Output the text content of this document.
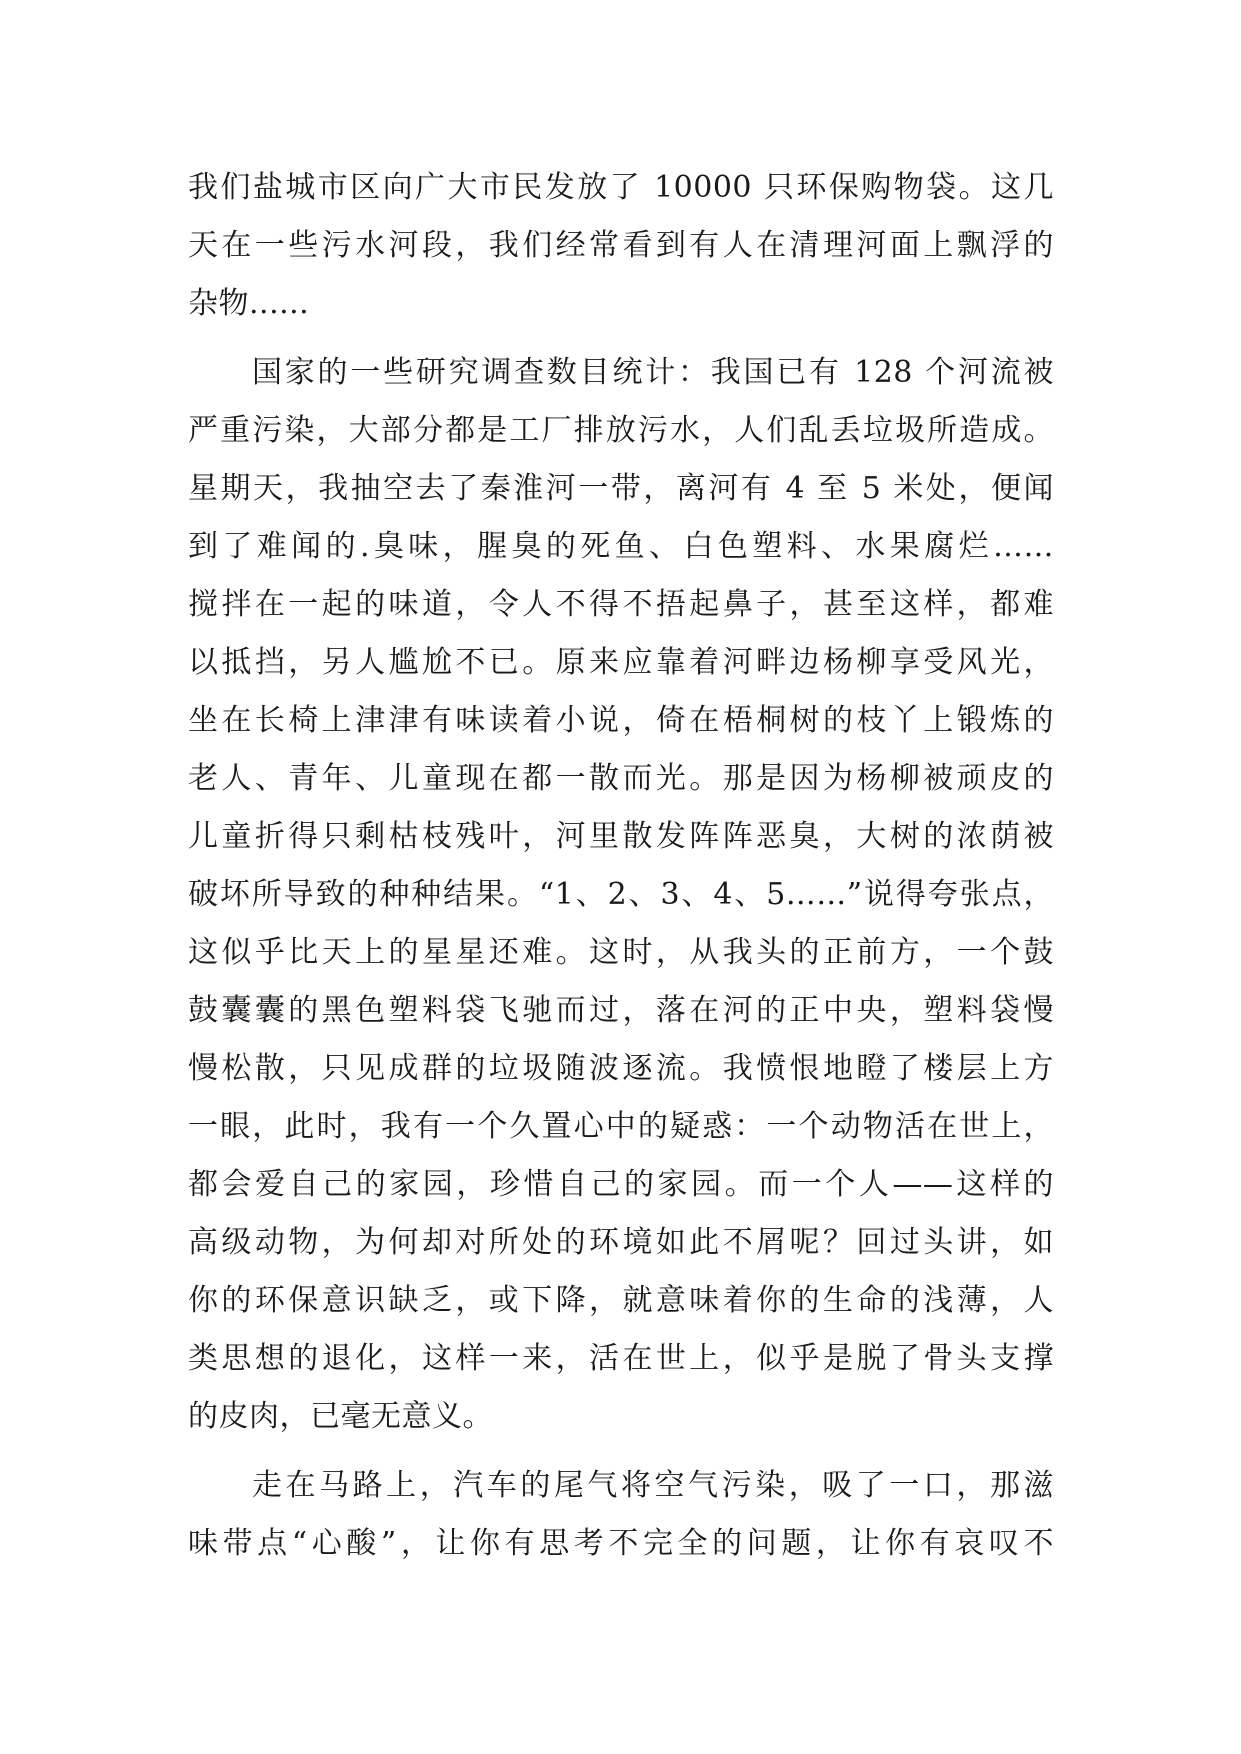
我们盐城市区向广大市民发放了 10000 只环保购物袋。这几
天在一些污水河段，我们经常看到有人在清理河面上飘浮的
杂物......
国家的一些研究调查数目统计：我国已有 128 个河流被
严重污染，大部分都是工厂排放污水，人们乱丢垃圾所造成。
星期天，我抽空去了秦淮河一带，离河有 4 至 5 米处，便闻
到了难闻的.臭味，腥臭的死鱼、白色塑料、水果腐烂……
搅拌在一起的味道，令人不得不捂起鼻子，甚至这样，都难
以抵挡，另人尴尬不已。原来应靠着河畔边杨柳享受风光，
坐在长椅上津津有味读着小说，倚在梧桐树的枝丫上锻炼的
老人、青年、儿童现在都一散而光。那是因为杨柳被顽皮的
儿童折得只剩枯枝残叶，河里散发阵阵恶臭，大树的浓荫被
破坏所导致的种种结果。“1、2、3、4、5……”说得夸张点，
这似乎比天上的星星还难。这时，从我头的正前方，一个鼓
鼓囊囊的黑色塑料袋飞驰而过，落在河的正中央，塑料袋慢
慢松散，只见成群的垃圾随波逐流。我愤恨地瞪了楼层上方
一眼，此时，我有一个久置心中的疑惑：一个动物活在世上，
都会爱自己的家园，珍惜自己的家园。而一个人——这样的
高级动物，为何却对所处的环境如此不屑呢？回过头讲，如
你的环保意识缺乏，或下降，就意味着你的生命的浅薄，人
类思想的退化，这样一来，活在世上，似乎是脱了骨头支撑
的皮肉，已毫无意义。
走在马路上，汽车的尾气将空气污染，吸了一口，那滋
味带点“心酸”，让你有思考不完全的问题，让你有哀叹不
